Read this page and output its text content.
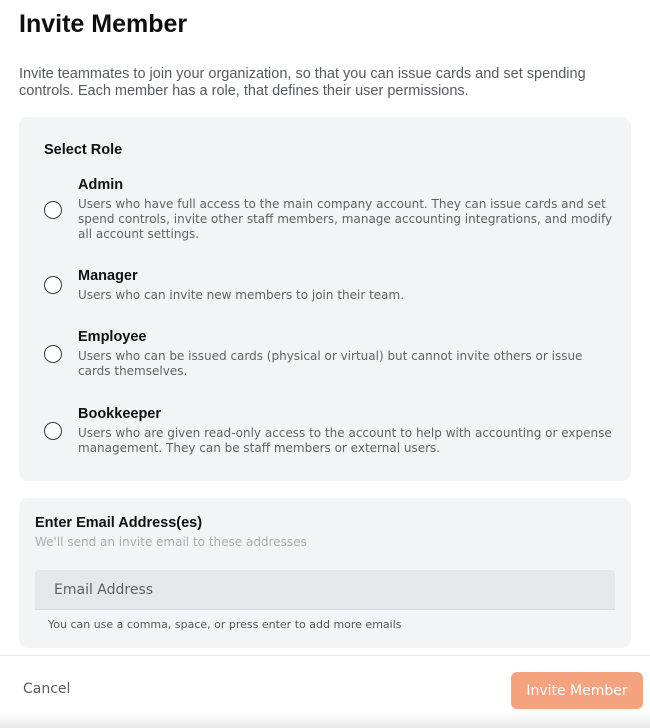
Invite Member

Invite teammates to join your organization, so that you can issue cards and set spending controls. Each member has a role, that defines their user permissions.

Select Role
Admin
Users who have full access to the main company account. They can issue cards and set spend controls, invite other staff members, manage accounting integrations, and modify all account settings.
Manager
Users who can invite new members to join their team.
Employee
Users who can be issued cards (physical or virtual) but cannot invite others or issue cards themselves.
Bookkeeper
Users who are given read-only access to the account to help with accounting or expense management. They can be staff members or external users.
Enter Email Address(es)
We'll send an invite email to these addresses
Email Address
You can use a comma, space, or press enter to add more emails
Cancel	Invite Member
